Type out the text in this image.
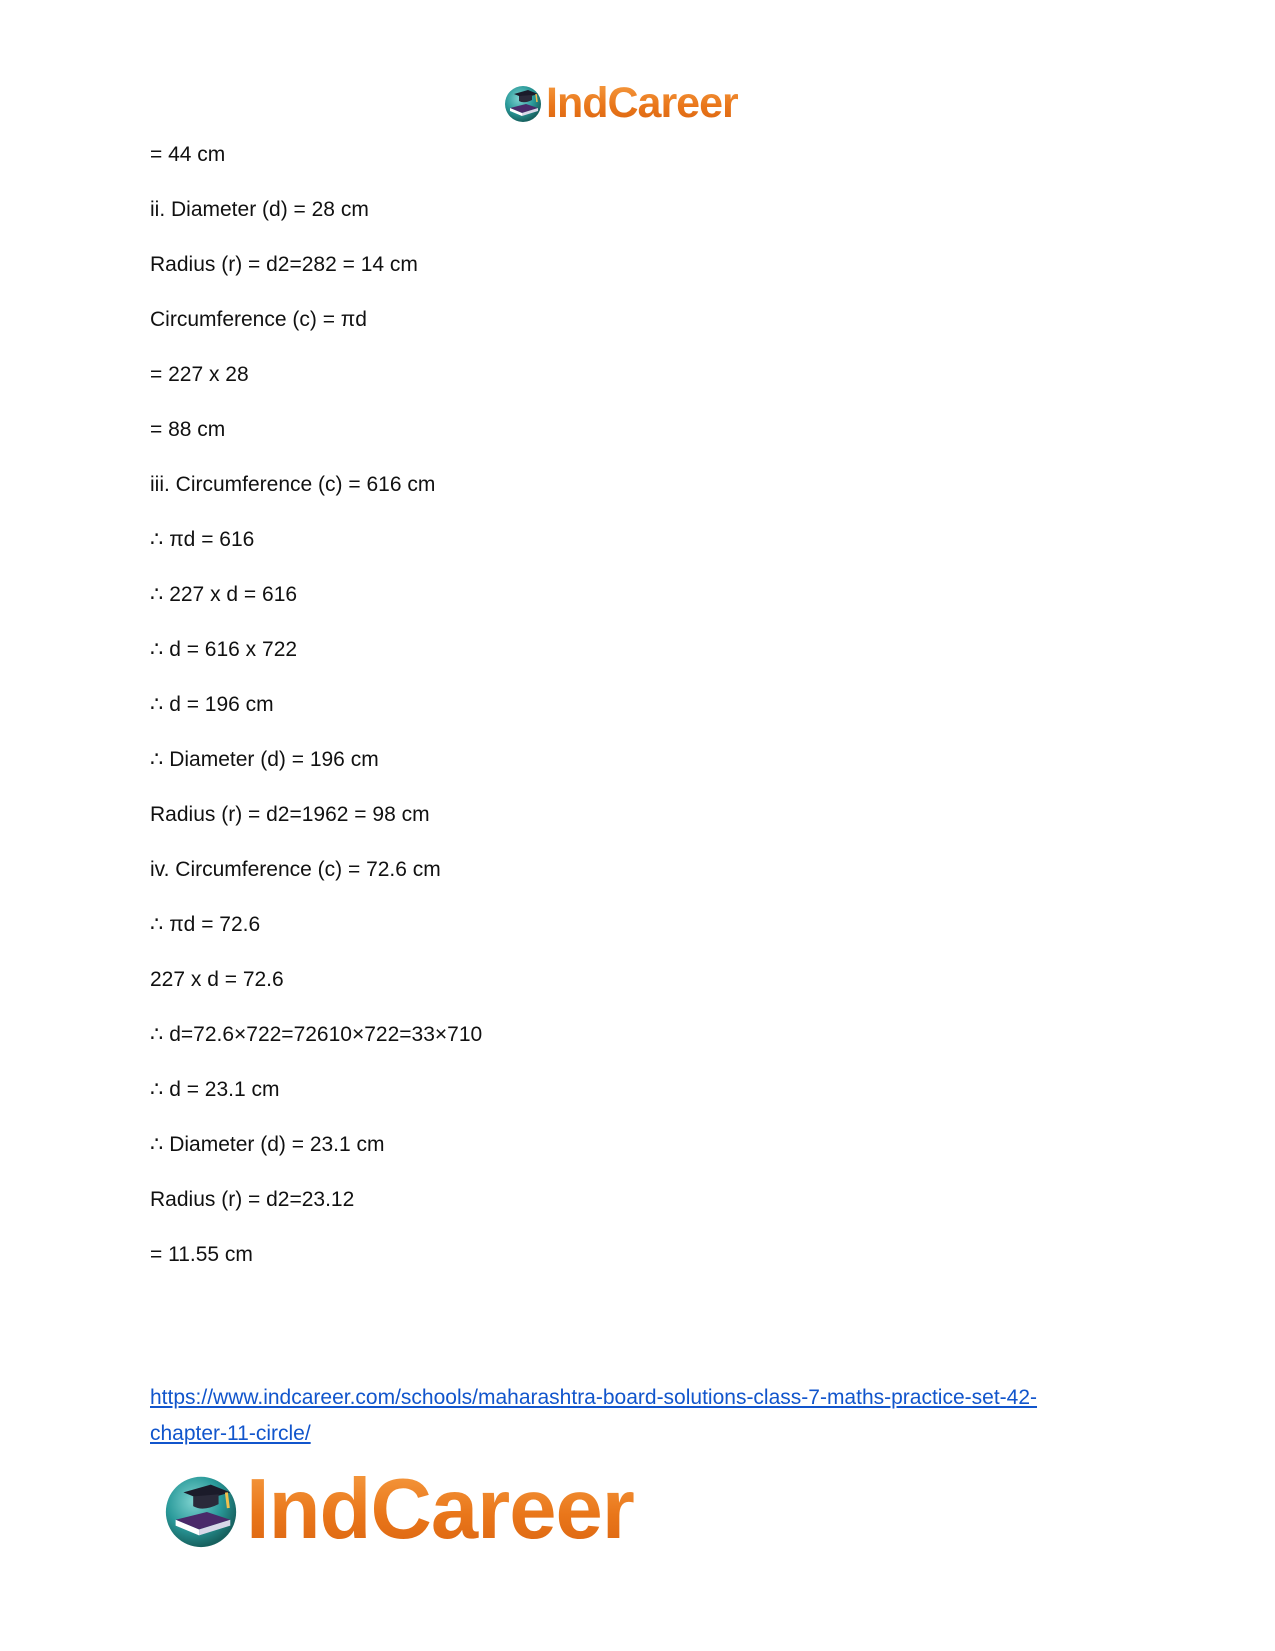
IndCareer
= 44 cm
ii. Diameter (d) = 28 cm
Radius (r) = d2=282 = 14 cm
Circumference (c) = πd
= 227 x 28
= 88 cm
iii. Circumference (c) = 616 cm
∴ πd = 616
∴ 227 x d = 616
∴ d = 616 x 722
∴ d = 196 cm
∴ Diameter (d) = 196 cm
Radius (r) = d2=1962 = 98 cm
iv. Circumference (c) = 72.6 cm
∴ πd = 72.6
227 x d = 72.6
∴ d=72.6×722=72610×722=33×710
∴ d = 23.1 cm
∴ Diameter (d) = 23.1 cm
Radius (r) = d2=23.12
= 11.55 cm
https://www.indcareer.com/schools/maharashtra-board-solutions-class-7-maths-practice-set-42-
chapter-11-circle/
IndCareer
